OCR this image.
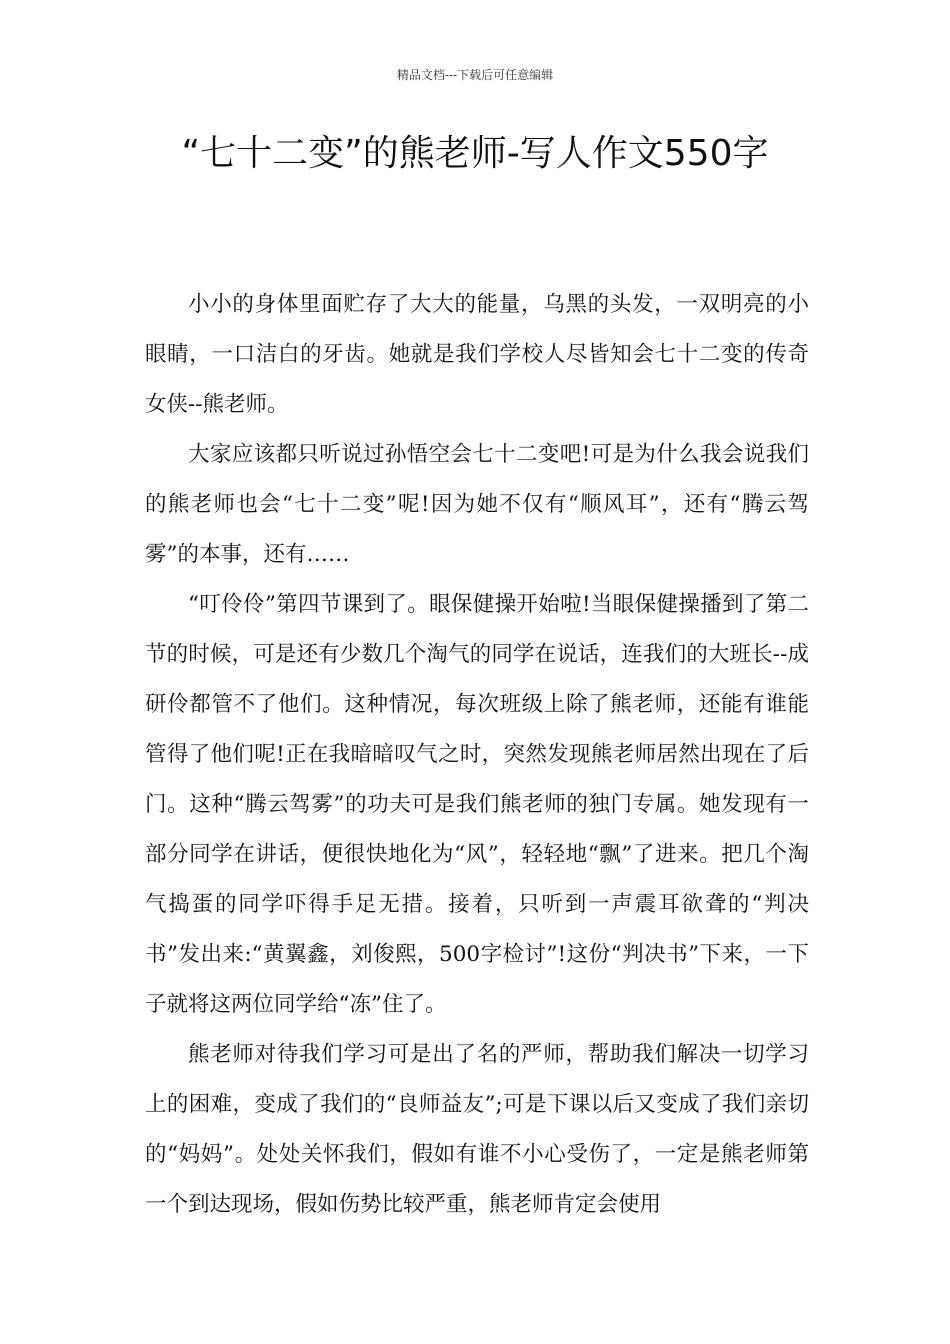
精品文档---下载后可任意编辑
“七十二变”的熊老师-写人作文550字

小小的身体里面贮存了大大的能量，乌黑的头发，一双明亮的小眼睛，一口洁白的牙齿。她就是我们学校人尽皆知会七十二变的传奇女侠--熊老师。

大家应该都只听说过孙悟空会七十二变吧!可是为什么我会说我们的熊老师也会“七十二变”呢!因为她不仅有“顺风耳”，还有“腾云驾雾”的本事，还有……

“叮伶伶”第四节课到了。眼保健操开始啦!当眼保健操播到了第二节的时候，可是还有少数几个淘气的同学在说话，连我们的大班长--成研伶都管不了他们。这种情况，每次班级上除了熊老师，还能有谁能管得了他们呢!正在我暗暗叹气之时，突然发现熊老师居然出现在了后门。这种“腾云驾雾”的功夫可是我们熊老师的独门专属。她发现有一部分同学在讲话，便很快地化为“风”，轻轻地“飘”了进来。把几个淘气捣蛋的同学吓得手足无措。接着，只听到一声震耳欲聋的“判决书”发出来:“黄翼鑫，刘俊熙，500字检讨”!这份“判决书”下来，一下子就将这两位同学给“冻”住了。

熊老师对待我们学习可是出了名的严师，帮助我们解决一切学习上的困难，变成了我们的“良师益友”;可是下课以后又变成了我们亲切的“妈妈”。处处关怀我们，假如有谁不小心受伤了，一定是熊老师第一个到达现场，假如伤势比较严重，熊老师肯定会使用
